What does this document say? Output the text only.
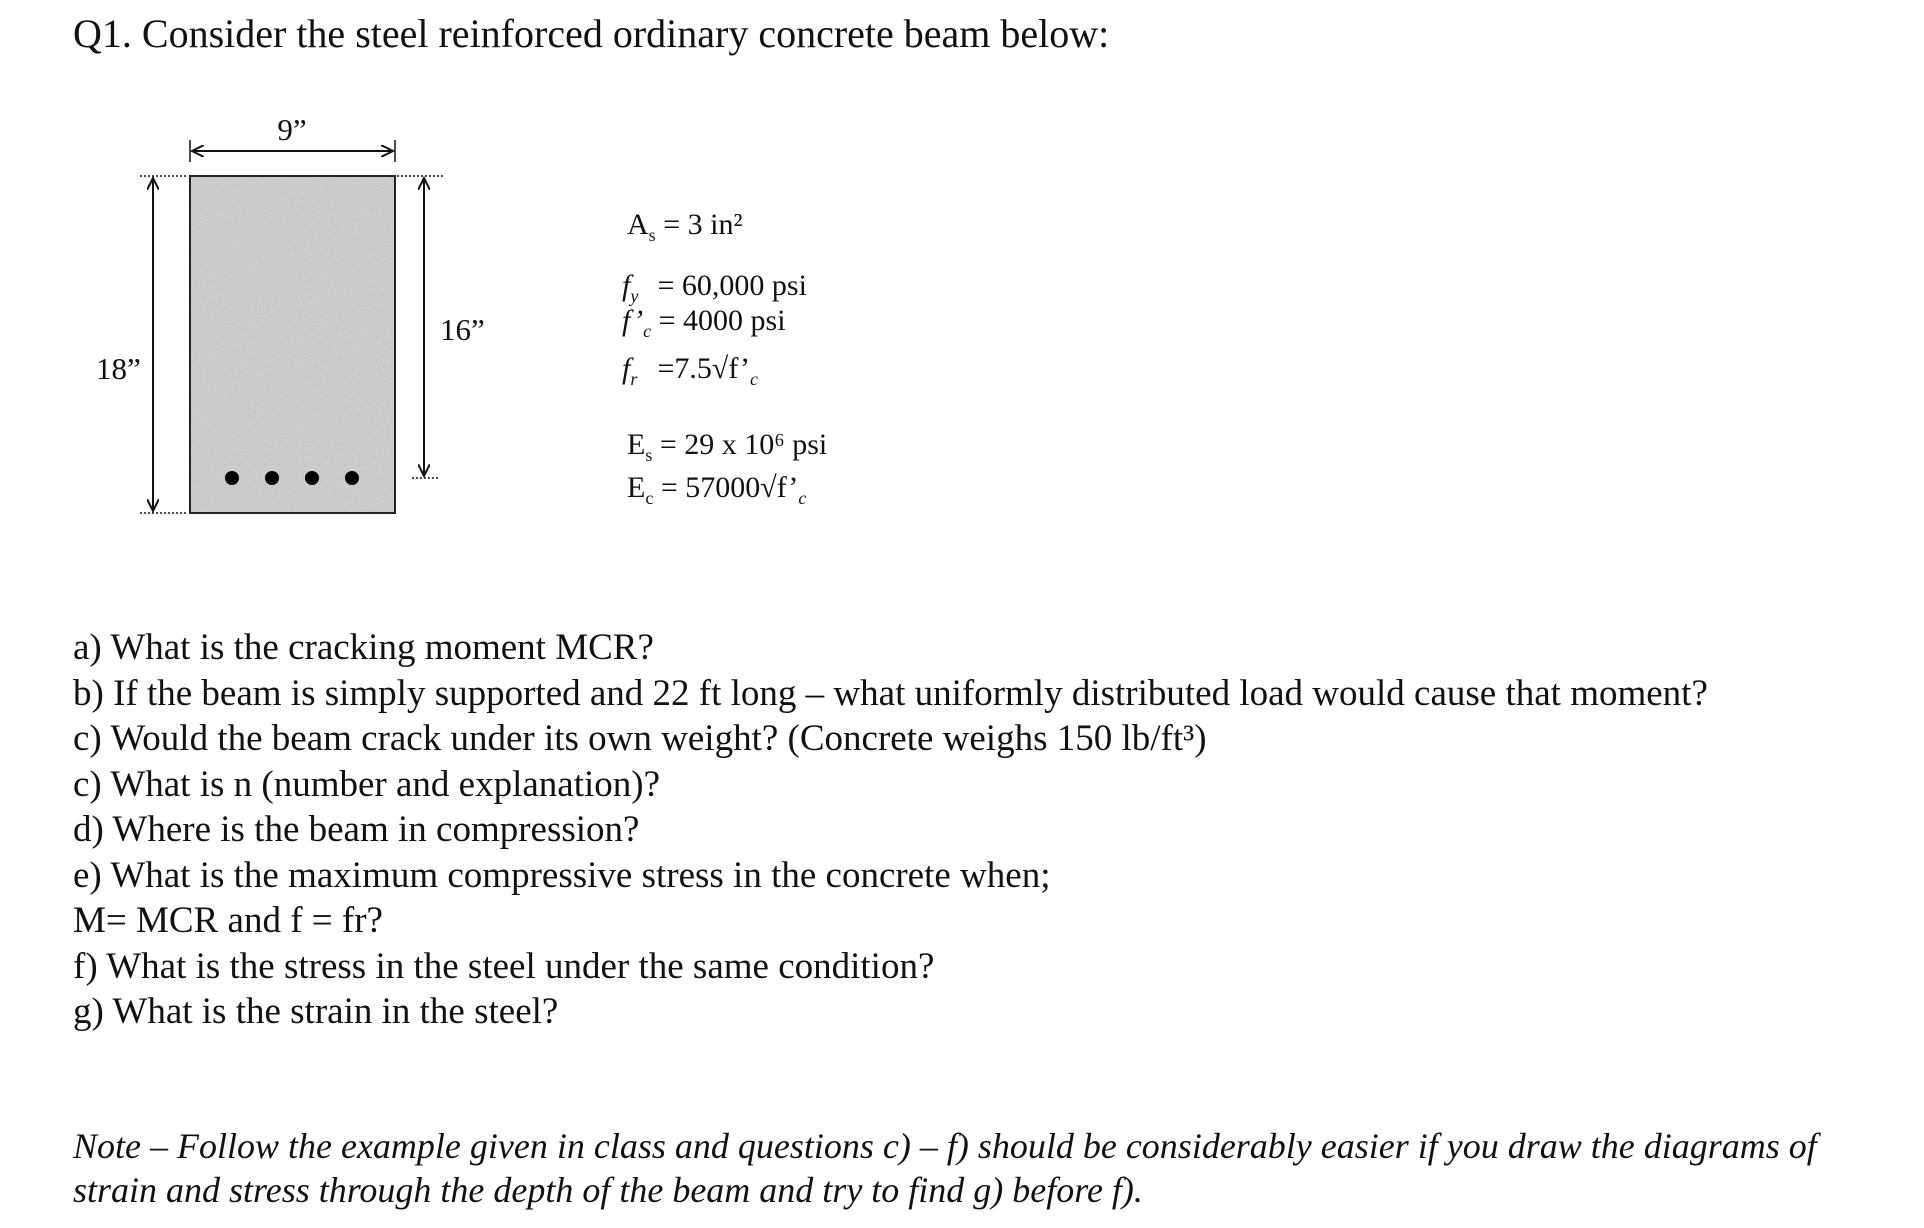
Q1. Consider the steel reinforced ordinary concrete beam below:
9”
18”
16”
$A_s = 3$ in²
$f_y = 60,000$ psi
$f’_c = 4000$ psi
$f_r$ $=7.5√f’_c$
$E_s = 29$ x 10⁶ psi
$E_c$ = $57000√f’_c$
a) What is the cracking moment MCR?
b) If the beam is simply supported and 22 ft long – what uniformly distributed load would cause that moment?
c) Would the beam crack under its own weight? (Concrete weighs 150 lb/ft³)
c) What is n (number and explanation)?
d) Where is the beam in compression?
e) What is the maximum compressive stress in the concrete when;
M= MCR and f = fr?
f) What is the stress in the steel under the same condition?
g) What is the strain in the steel?
Note – Follow the example given in class and questions c) – f) should be considerably easier if you draw the diagrams of strain and stress through the depth of the beam and try to find g) before f).
